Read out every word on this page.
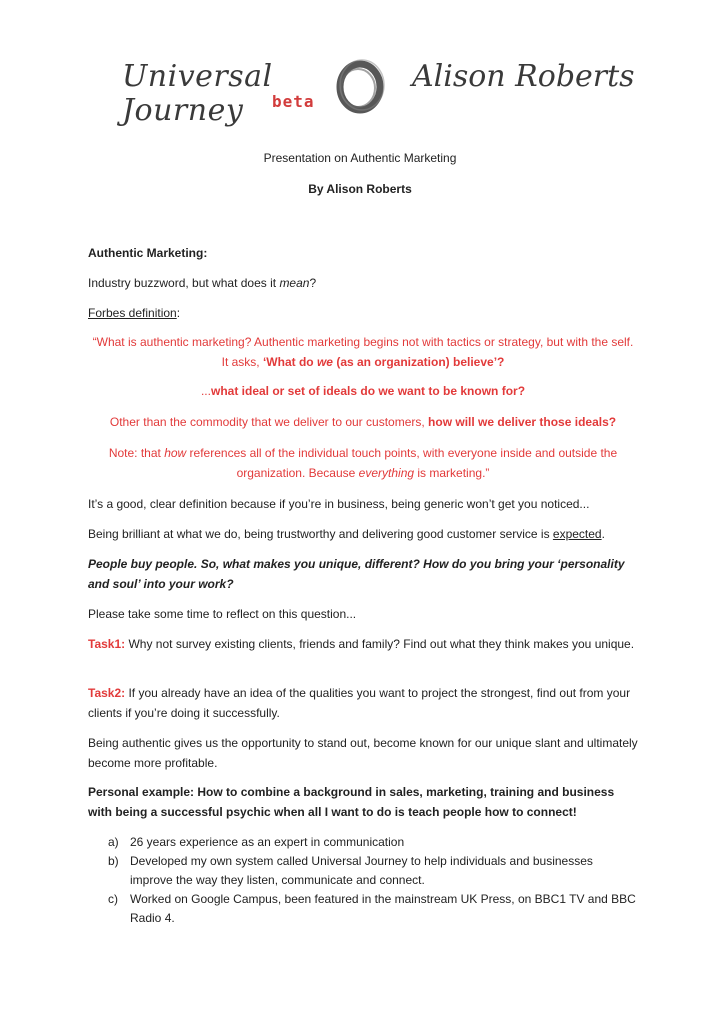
Universal Journey	beta
Alison Roberts
Presentation on Authentic Marketing
By Alison Roberts

Authentic Marketing:

Industry buzzword, but what does it mean?

Forbes definition:

“What is authentic marketing? Authentic marketing begins not with tactics or strategy, but with the self. It asks, ‘What do we (as an organization) believe’?
...what ideal or set of ideals do we want to be known for?
Other than the commodity that we deliver to our customers, how will we deliver those ideals?
Note: that how references all of the individual touch points, with everyone inside and outside the organization. Because everything is marketing.”

It’s a good, clear definition because if you’re in business, being generic won’t get you noticed...

Being brilliant at what we do, being trustworthy and delivering good customer service is expected.

People buy people. So, what makes you unique, different? How do you bring your ‘personality and soul’ into your work?

Please take some time to reflect on this question...

Task1: Why not survey existing clients, friends and family? Find out what they think makes you unique.

Task2: If you already have an idea of the qualities you want to project the strongest, find out from your clients if you’re doing it successfully.

Being authentic gives us the opportunity to stand out, become known for our unique slant and ultimately become more profitable.

Personal example: How to combine a background in sales, marketing, training and business with being a successful psychic when all I want to do is teach people how to connect!

a) 26 years experience as an expert in communication
b) Developed my own system called Universal Journey to help individuals and businesses improve the way they listen, communicate and connect.
c) Worked on Google Campus, been featured in the mainstream UK Press, on BBC1 TV and BBC Radio 4.
